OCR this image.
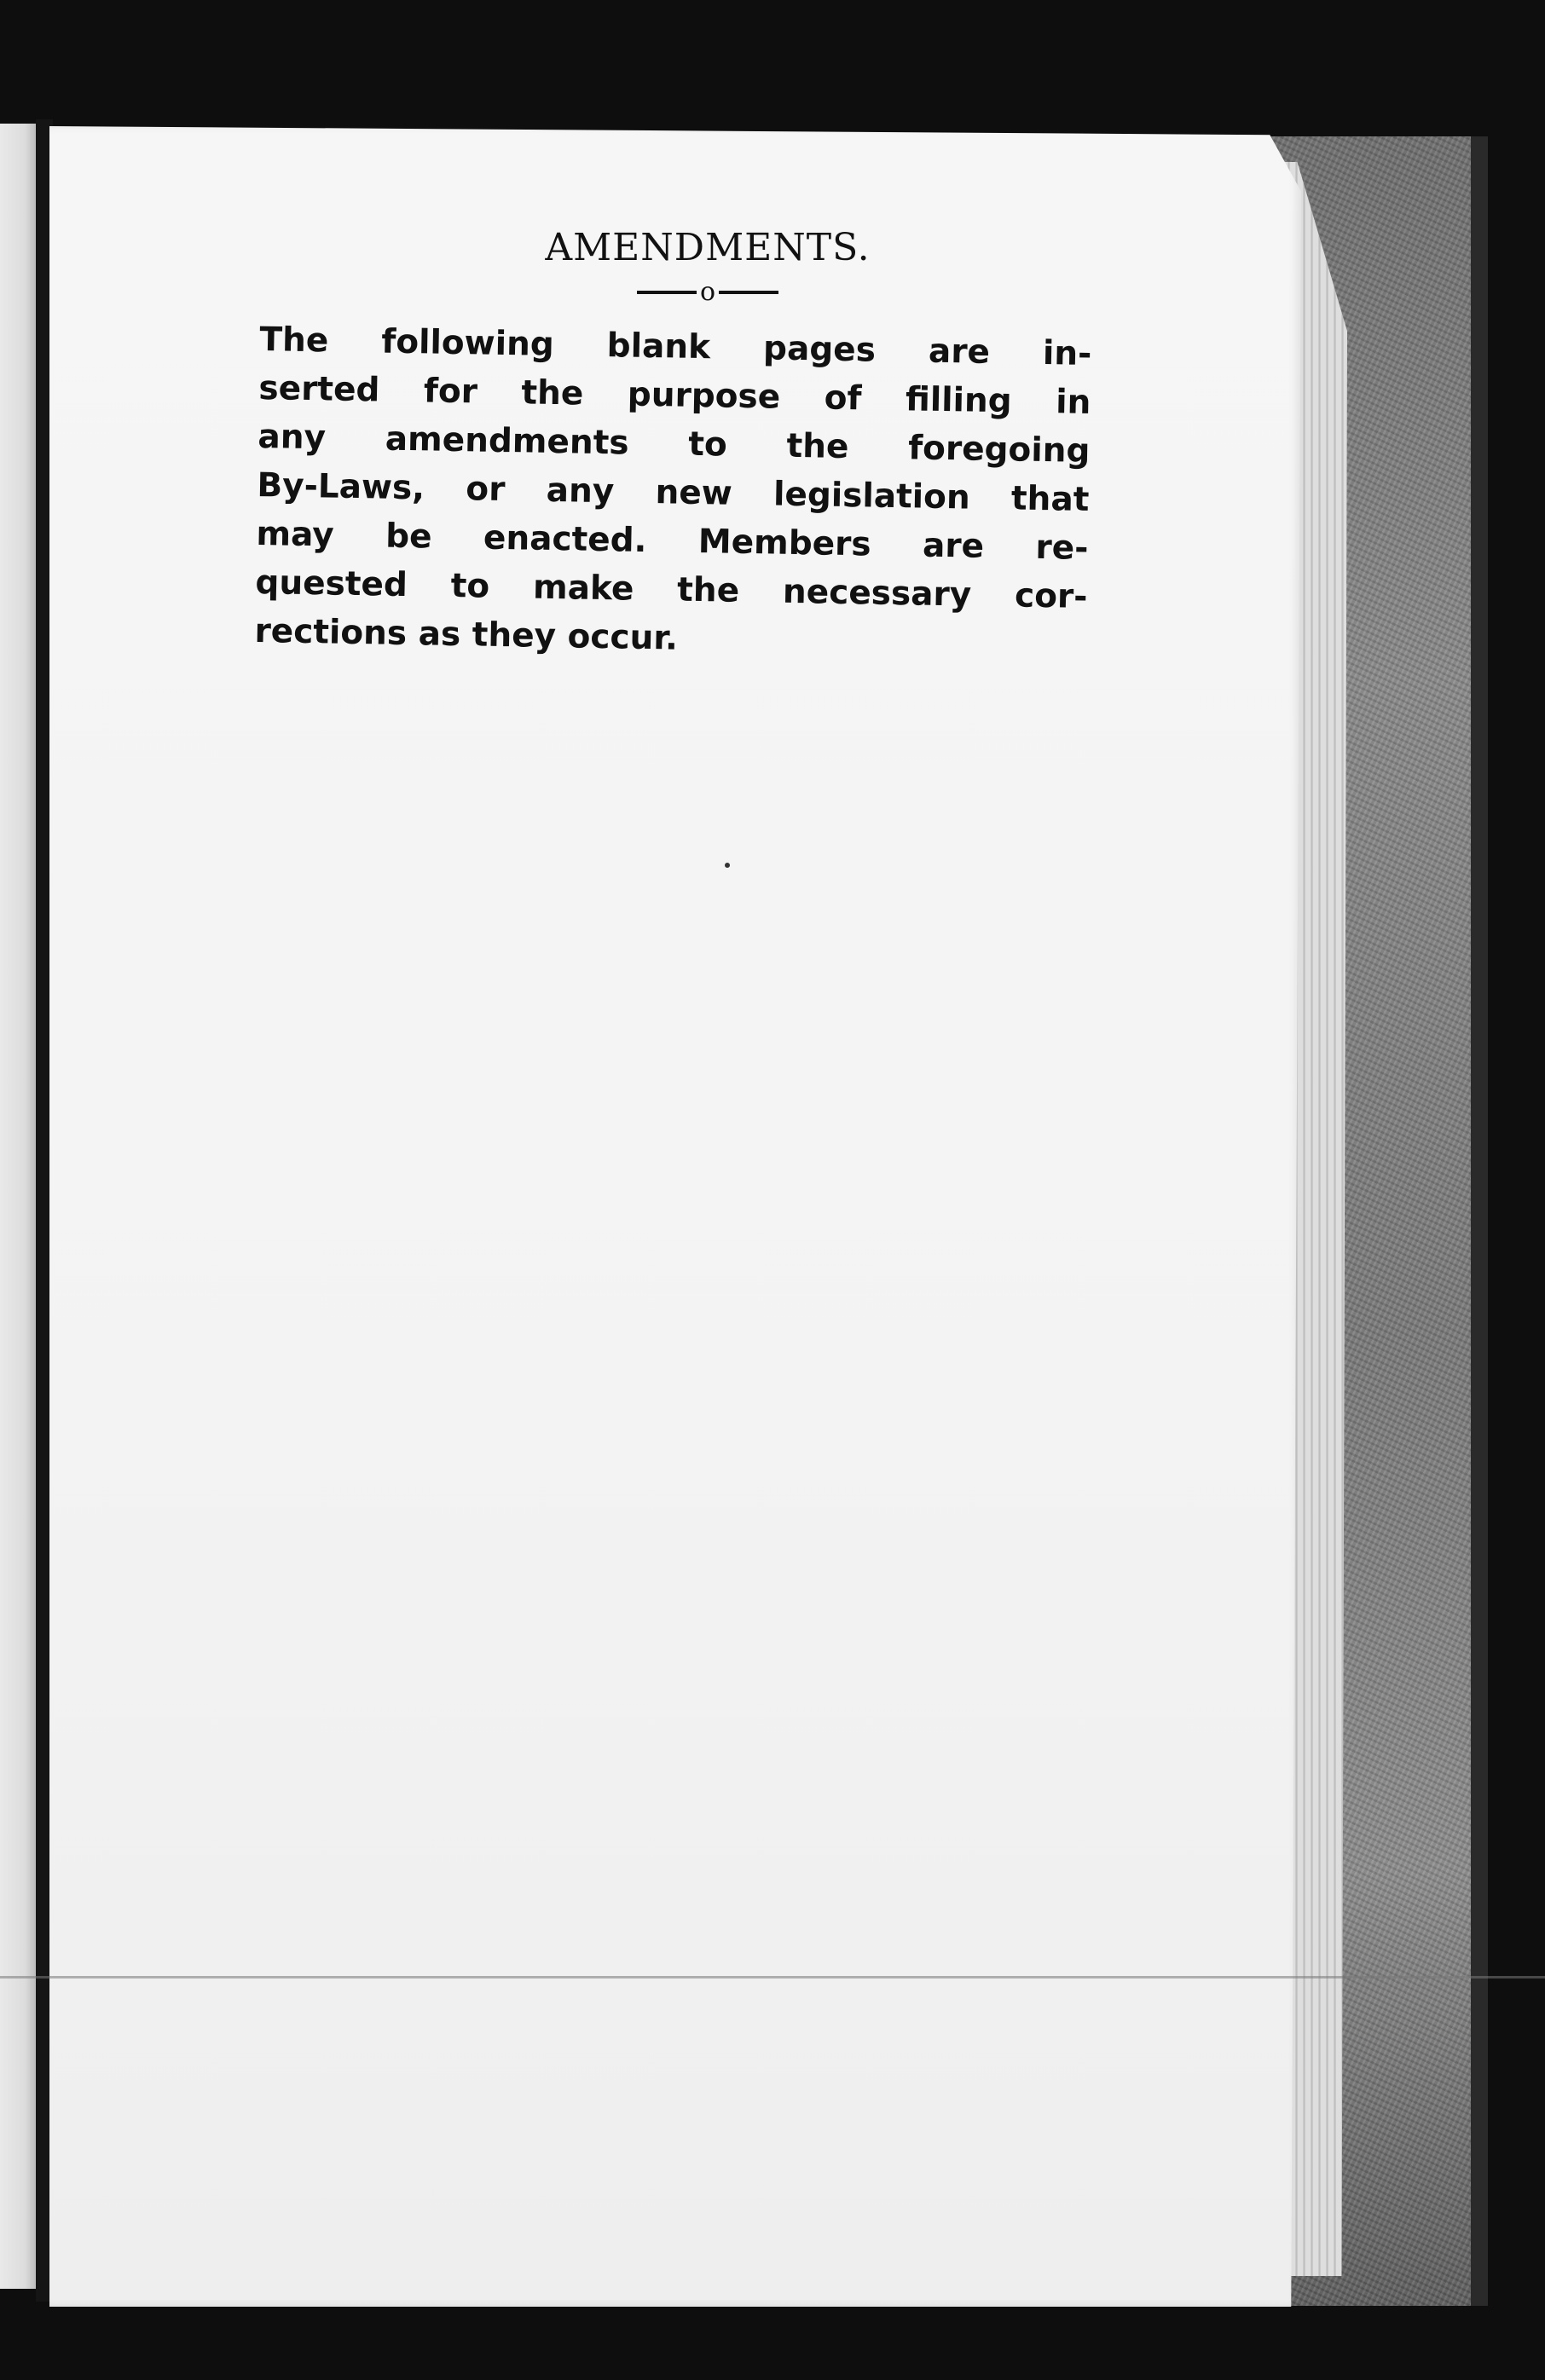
AMENDMENTS.
o
The following blank pages are in-
serted for the purpose of filling in
any amendments to the foregoing
By-Laws, or any new legislation that
may be enacted. Members are re-
quested to make the necessary cor-
rections as they occur.
